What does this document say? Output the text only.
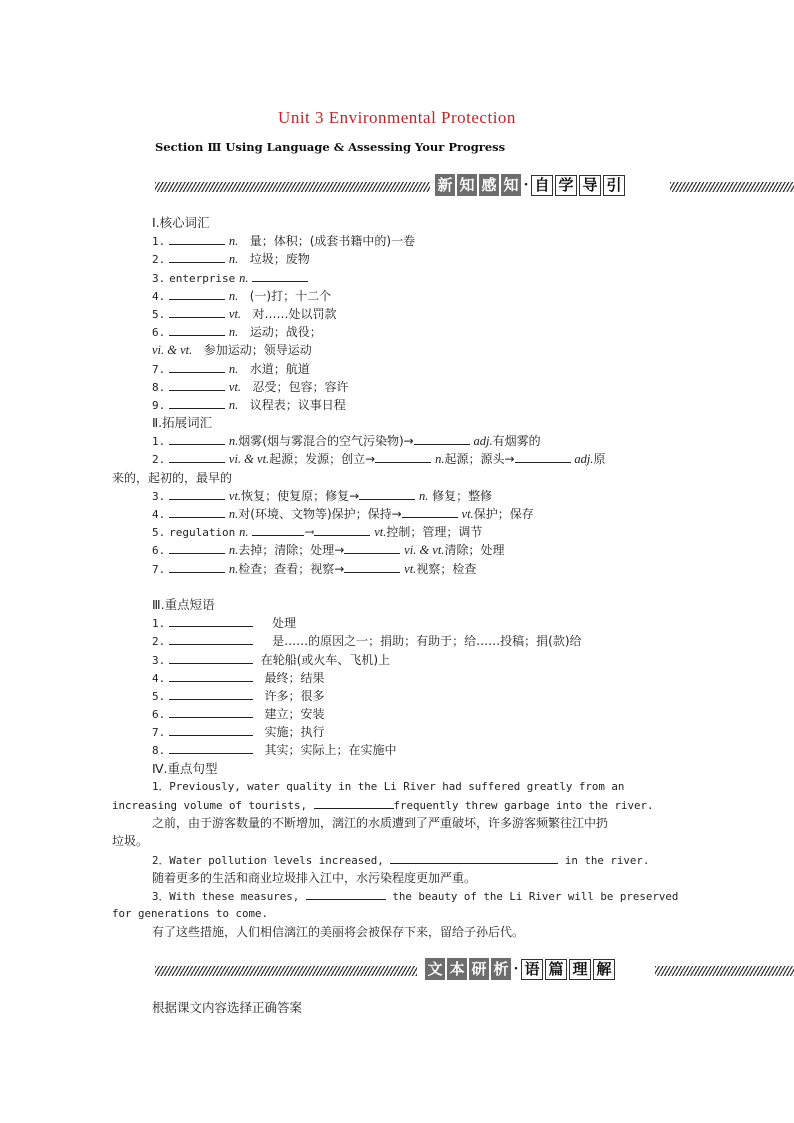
Unit 3 Environmental Protection
Section Ⅲ Using Language & Assessing Your Progress
新 知 感 知 · 自 学 导 引
Ⅰ.核心词汇
1.	n. 量；体积；(成套书籍中的)一卷
2.	n. 垃圾；废物
3. enterprise n.
4.	n. (一)打；十二个
5.	vt. 对……处以罚款
6.	n. 运动；战役；
vi. & vt. 参加运动；领导运动
7.	n. 水道；航道
8.	vt. 忍受；包容；容许
9.	n. 议程表；议事日程
Ⅱ.拓展词汇
1.	n.烟雾(烟与雾混合的空气污染物)→	adj.有烟雾的
2.	vi. & vt.起源；发源；创立→	n.起源；源头→	adj.原
来的，起初的，最早的
3.	vt.恢复；使复原；修复→	n. 修复；整修
4.	n.对(环境、文物等)保护；保持→	vt.保护；保存
5. regulation n.	→	vt.控制；管理；调节
6.	n.去掉；清除；处理→	vi. & vt.清除；处理
7.	n.检查；查看；视察→	vt.视察；检查
Ⅲ.重点短语
1.	处理
2.	是……的原因之一；捐助；有助于；给……投稿；捐(款)给
3.	在轮船(或火车、飞机)上
4.	最终；结果
5.	许多；很多
6.	建立；安装
7.	实施；执行
8.	其实；实际上；在实施中
Ⅳ.重点句型
1．Previously, water quality in the Li River had suffered greatly from an
increasing volume of tourists,	frequently threw garbage into the river.
之前，由于游客数量的不断增加，漓江的水质遭到了严重破坏，许多游客频繁往江中扔
垃圾。
2．Water pollution levels increased,	in the river.
随着更多的生活和商业垃圾排入江中，水污染程度更加严重。
3．With these measures,	the beauty of the Li River will be preserved
for generations to come.
有了这些措施，人们相信漓江的美丽将会被保存下来，留给子孙后代。
文 本 研 析 · 语 篇 理 解
根据课文内容选择正确答案
